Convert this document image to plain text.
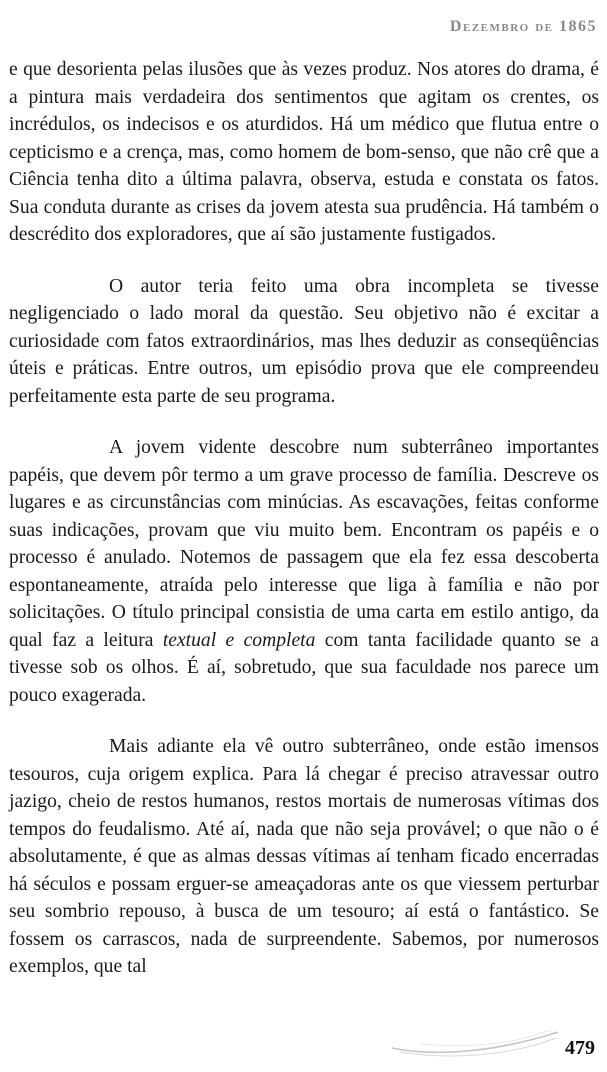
Dezembro de 1865

e que desorienta pelas ilusões que às vezes produz. Nos atores do drama, é a pintura mais verdadeira dos sentimentos que agitam os crentes, os incrédulos, os indecisos e os aturdidos. Há um médico que flutua entre o cepticismo e a crença, mas, como homem de bom-senso, que não crê que a Ciência tenha dito a última palavra, observa, estuda e constata os fatos. Sua conduta durante as crises da jovem atesta sua prudência. Há também o descrédito dos exploradores, que aí são justamente fustigados.

O autor teria feito uma obra incompleta se tivesse negligenciado o lado moral da questão. Seu objetivo não é excitar a curiosidade com fatos extraordinários, mas lhes deduzir as conseqüências úteis e práticas. Entre outros, um episódio prova que ele compreendeu perfeitamente esta parte de seu programa.

A jovem vidente descobre num subterrâneo importantes papéis, que devem pôr termo a um grave processo de família. Descreve os lugares e as circunstâncias com minúcias. As escavações, feitas conforme suas indicações, provam que viu muito bem. Encontram os papéis e o processo é anulado. Notemos de passagem que ela fez essa descoberta espontaneamente, atraída pelo interesse que liga à família e não por solicitações. O título principal consistia de uma carta em estilo antigo, da qual faz a leitura textual e completa com tanta facilidade quanto se a tivesse sob os olhos. É aí, sobretudo, que sua faculdade nos parece um pouco exagerada.

Mais adiante ela vê outro subterrâneo, onde estão imensos tesouros, cuja origem explica. Para lá chegar é preciso atravessar outro jazigo, cheio de restos humanos, restos mortais de numerosas vítimas dos tempos do feudalismo. Até aí, nada que não seja provável; o que não o é absolutamente, é que as almas dessas vítimas aí tenham ficado encerradas há séculos e possam erguer-se ameaçadoras ante os que viessem perturbar seu sombrio repouso, à busca de um tesouro; aí está o fantástico. Se fossem os carrascos, nada de surpreendente. Sabemos, por numerosos exemplos, que tal

479
